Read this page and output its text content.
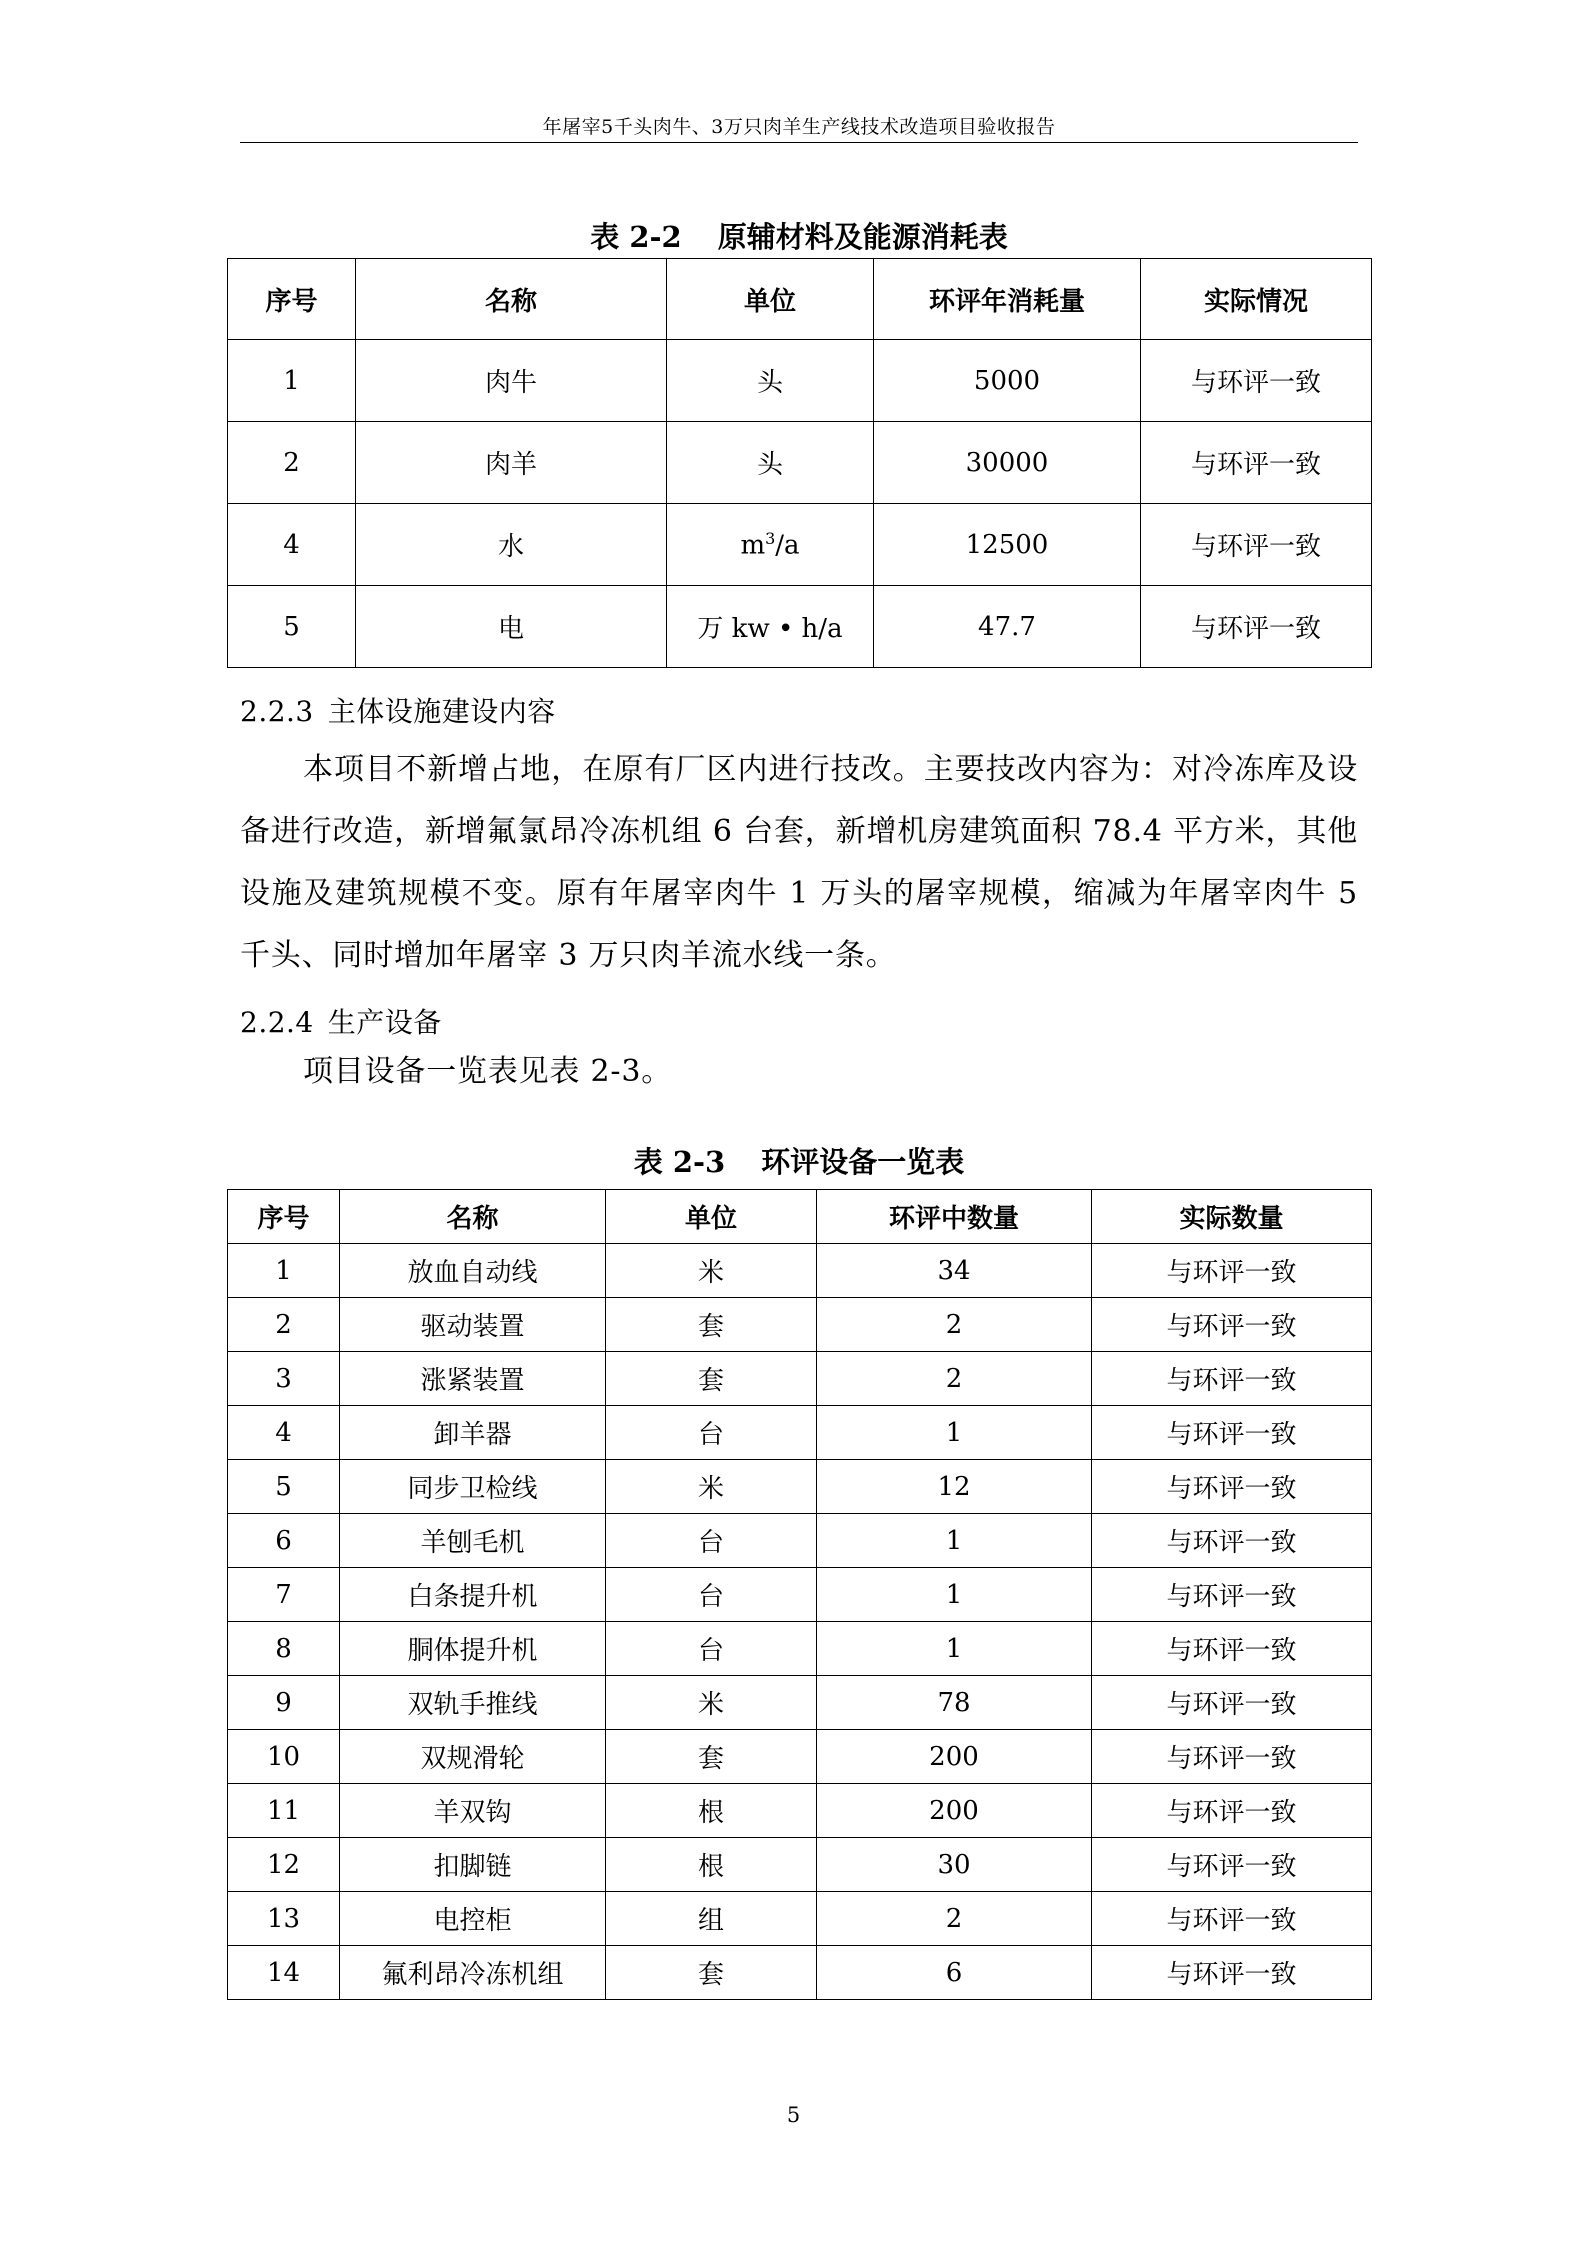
年屠宰5千头肉牛、3万只肉羊生产线技术改造项目验收报告
表 2-2 原辅材料及能源消耗表
序号	名称	单位	环评年消耗量	实际情况
1	肉牛	头	5000	与环评一致
2	肉羊	头	30000	与环评一致
4	水	$m^3/a$	12500	与环评一致
5	电	万 kw • h/a	47.7	与环评一致
2.2.3 主体设施建设内容
本项目不新增占地，在原有厂区内进行技改。主要技改内容为：对冷冻库及设备进行改造，新增氟氯昂冷冻机组 6 台套，新增机房建筑面积 78.4 平方米，其他设施及建筑规模不变。原有年屠宰肉牛 1 万头的屠宰规模，缩减为年屠宰肉牛 5 千头、同时增加年屠宰 3 万只肉羊流水线一条。
2.2.4 生产设备
项目设备一览表见表 2-3。
表 2-3 环评设备一览表
序号	名称	单位	环评中数量	实际数量
1	放血自动线	米	34	与环评一致
2	驱动装置	套	2	与环评一致
3	涨紧装置	套	2	与环评一致
4	卸羊器	台	1	与环评一致
5	同步卫检线	米	12	与环评一致
6	羊刨毛机	台	1	与环评一致
7	白条提升机	台	1	与环评一致
8	胴体提升机	台	1	与环评一致
9	双轨手推线	米	78	与环评一致
10	双规滑轮	套	200	与环评一致
11	羊双钩	根	200	与环评一致
12	扣脚链	根	30	与环评一致
13	电控柜	组	2	与环评一致
14	氟利昂冷冻机组	套	6	与环评一致
5
